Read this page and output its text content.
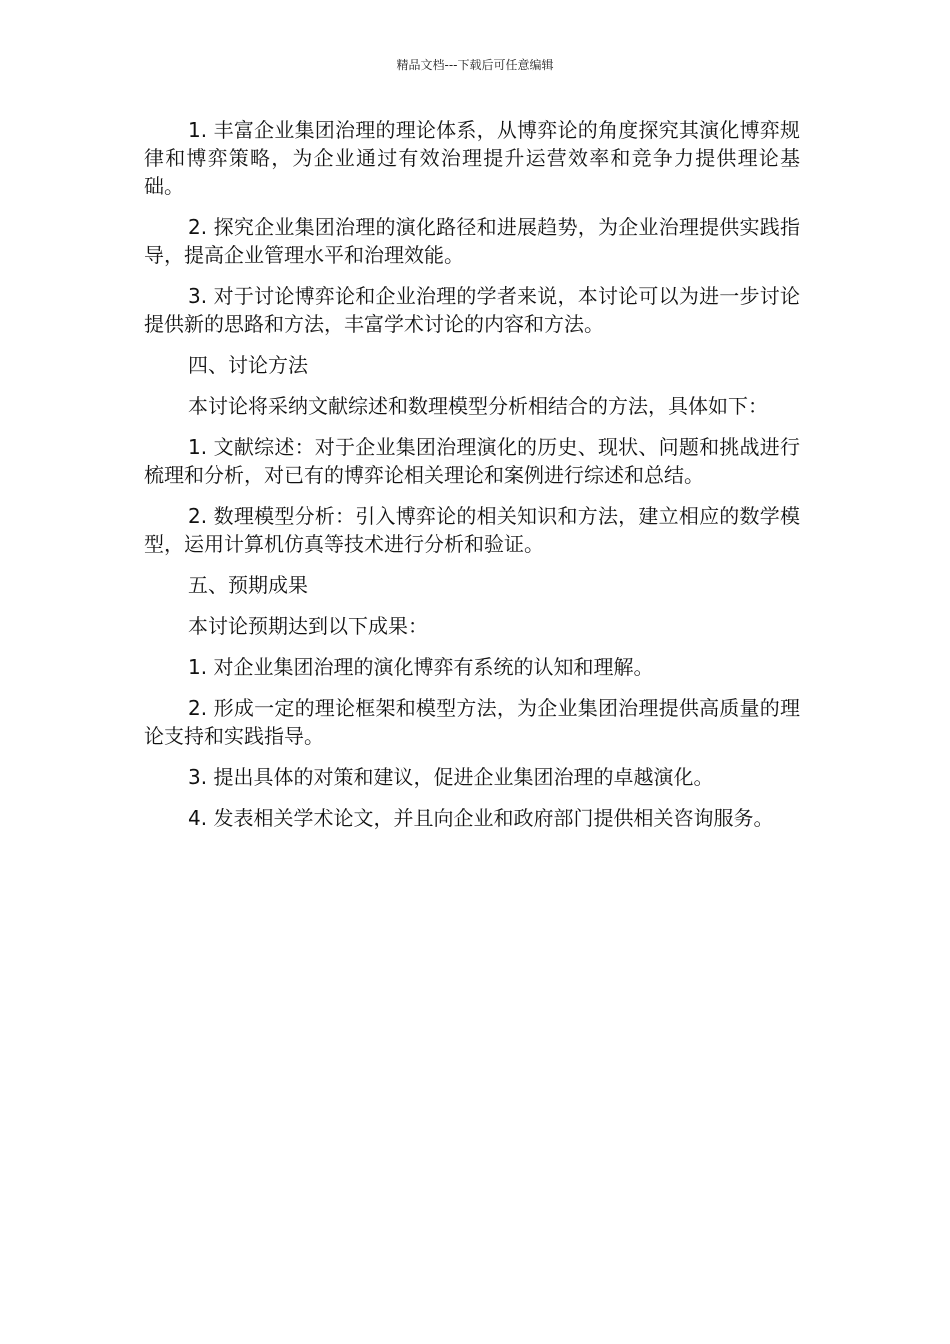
精品文档---下载后可任意编辑

1. 丰富企业集团治理的理论体系，从博弈论的角度探究其演化博弈规律和博弈策略，为企业通过有效治理提升运营效率和竞争力提供理论基础。

2. 探究企业集团治理的演化路径和进展趋势，为企业治理提供实践指导，提高企业管理水平和治理效能。

3. 对于讨论博弈论和企业治理的学者来说，本讨论可以为进一步讨论提供新的思路和方法，丰富学术讨论的内容和方法。

四、讨论方法

本讨论将采纳文献综述和数理模型分析相结合的方法，具体如下：

1. 文献综述：对于企业集团治理演化的历史、现状、问题和挑战进行梳理和分析，对已有的博弈论相关理论和案例进行综述和总结。

2. 数理模型分析：引入博弈论的相关知识和方法，建立相应的数学模型，运用计算机仿真等技术进行分析和验证。

五、预期成果

本讨论预期达到以下成果：

1. 对企业集团治理的演化博弈有系统的认知和理解。

2. 形成一定的理论框架和模型方法，为企业集团治理提供高质量的理论支持和实践指导。

3. 提出具体的对策和建议，促进企业集团治理的卓越演化。

4. 发表相关学术论文，并且向企业和政府部门提供相关咨询服务。
